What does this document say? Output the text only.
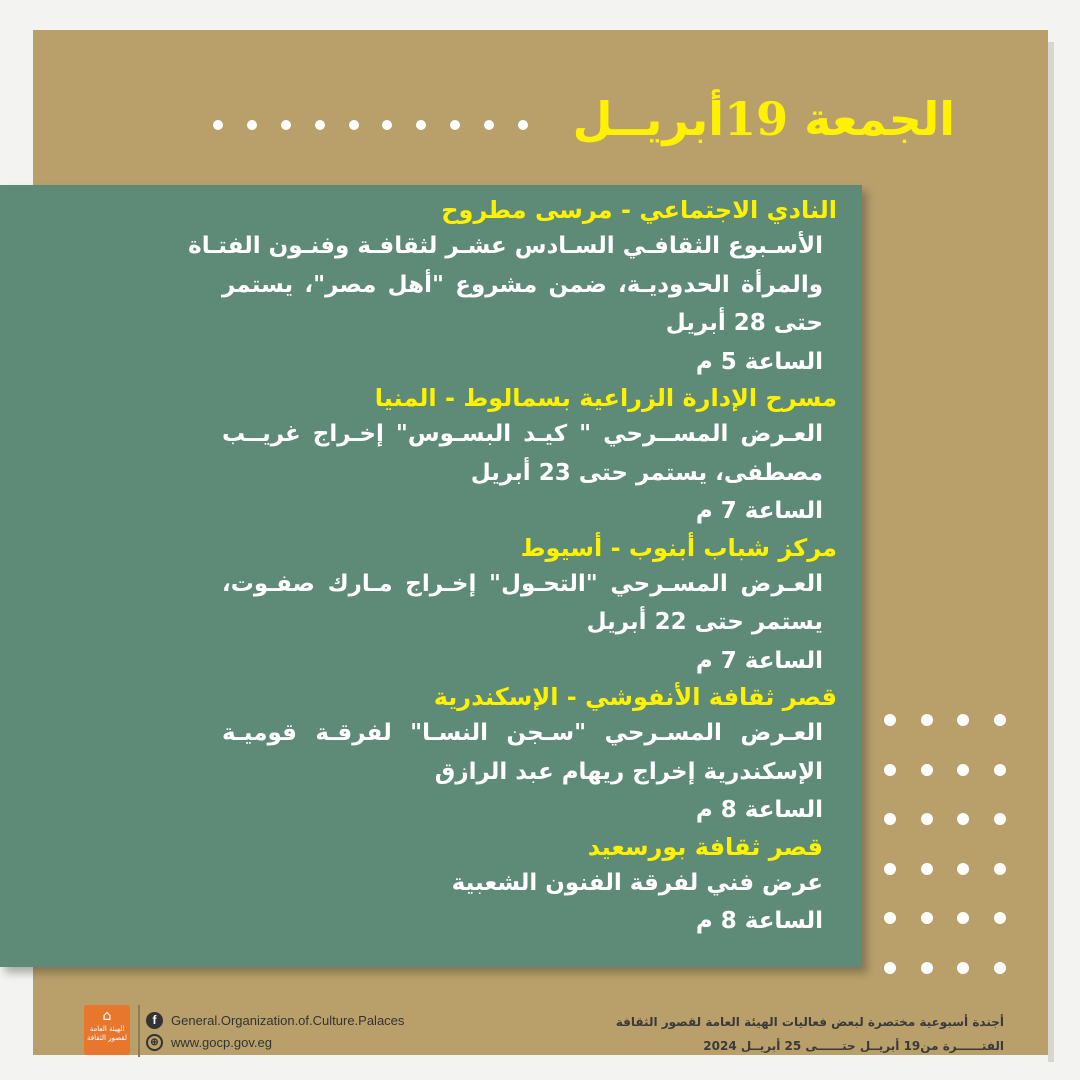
الجمعة 19أبريــل

النادي الاجتماعي - مرسى مطروح

الأسـبوع الثقافـي السـادس عشـر لثقافـة وفنـون الفتـاة

والمرأة الحدوديـة، ضمن مشروع "أهل مصر"، يستمر

حتى 28 أبريل

الساعة 5 م

مسرح الإدارة الزراعية بسمالوط - المنيا

العـرض المســرحي " كيـد البسـوس" إخـراج غريــب

مصطفى، يستمر حتى 23 أبريل

الساعة 7 م

مركز شباب أبنوب - أسيوط

العـرض المسـرحي "التحـول" إخـراج مـارك صفـوت،

يستمر حتى 22 أبريل

الساعة 7 م

قصر ثقافة الأنفوشي - الإسكندرية

العـرض المسـرحي "سـجن النسـا" لفرقـة قوميـة

الإسكندرية إخراج ريهام عبد الرازق

الساعة 8 م

قصر ثقافة بورسعيد

عرض فني لفرقة الفنون الشعبية

الساعة 8 م

⌂
الهيئة العامة لقصور الثقافة
f General.Organization.of.Culture.Palaces
⊕ www.gocp.gov.eg
أجندة أسبوعية مختصرة لبعض فعاليات الهيئة العامة لقصور الثقافة
الفتــــــرة من19 أبريــل حتــــــى 25 أبريــل 2024
